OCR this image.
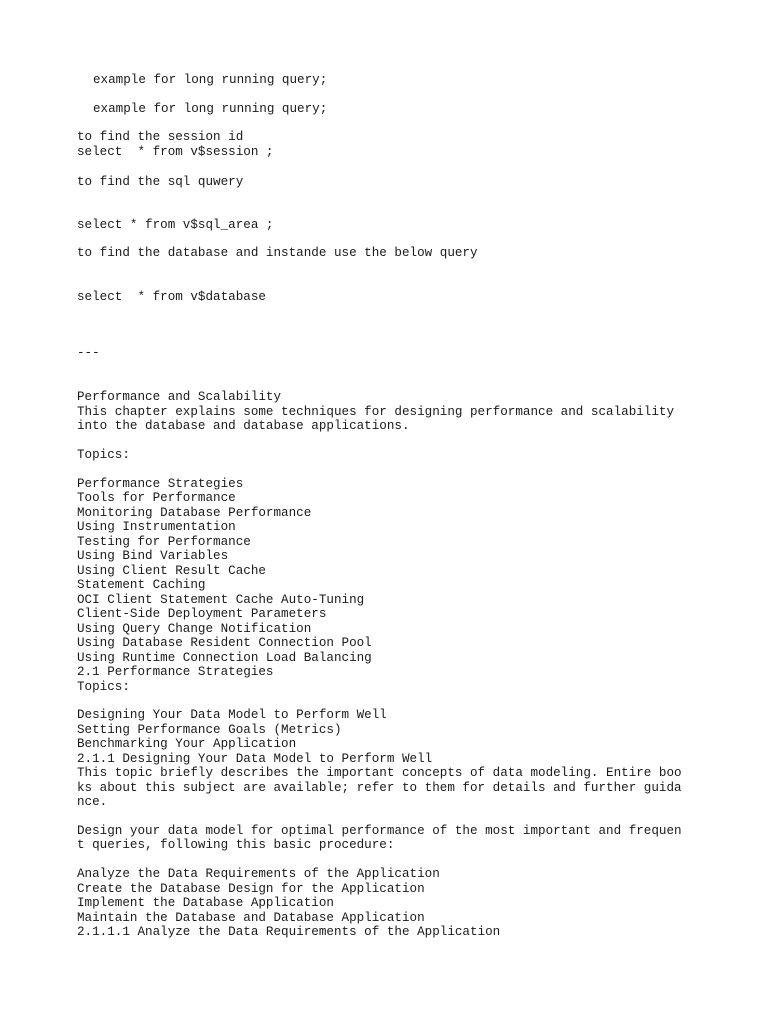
example for long running query;

example for long running query;

to find the session id

select  * from v$session ;

to find the sql quwery

select * from v$sql_area ;

to find the database and instande use the below query

select  * from v$database

---

Performance and Scalability

This chapter explains some techniques for designing performance and scalability

into the database and database applications.

Topics:

Performance Strategies

Tools for Performance

Monitoring Database Performance

Using Instrumentation

Testing for Performance

Using Bind Variables

Using Client Result Cache

Statement Caching

OCI Client Statement Cache Auto-Tuning

Client-Side Deployment Parameters

Using Query Change Notification

Using Database Resident Connection Pool

Using Runtime Connection Load Balancing

2.1 Performance Strategies

Topics:

Designing Your Data Model to Perform Well

Setting Performance Goals (Metrics)

Benchmarking Your Application

2.1.1 Designing Your Data Model to Perform Well

This topic briefly describes the important concepts of data modeling. Entire boo

ks about this subject are available; refer to them for details and further guida

nce.

Design your data model for optimal performance of the most important and frequen

t queries, following this basic procedure:

Analyze the Data Requirements of the Application

Create the Database Design for the Application

Implement the Database Application

Maintain the Database and Database Application

2.1.1.1 Analyze the Data Requirements of the Application
